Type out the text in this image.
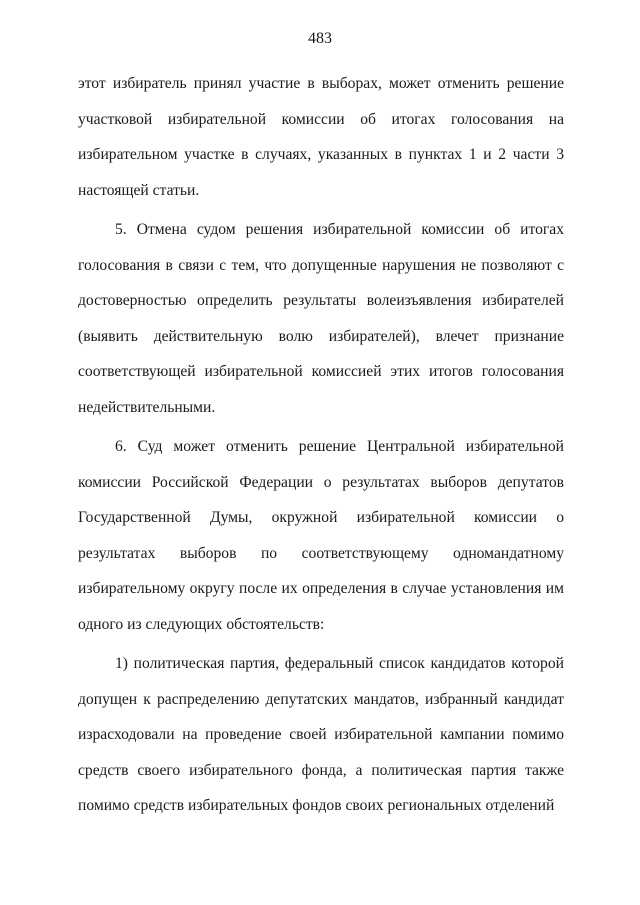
483

этот избиратель принял участие в выборах, может отменить решение участковой избирательной комиссии об итогах голосования на избирательном участке в случаях, указанных в пунктах 1 и 2 части 3 настоящей статьи.

5. Отмена судом решения избирательной комиссии об итогах голосования в связи с тем, что допущенные нарушения не позволяют с достоверностью определить результаты волеизъявления избирателей (выявить действительную волю избирателей), влечет признание соответствующей избирательной комиссией этих итогов голосования недействительными.

6. Суд может отменить решение Центральной избирательной комиссии Российской Федерации о результатах выборов депутатов Государственной Думы, окружной избирательной комиссии о результатах выборов по соответствующему одномандатному избирательному округу после их определения в случае установления им одного из следующих обстоятельств:

1) политическая партия, федеральный список кандидатов которой допущен к распределению депутатских мандатов, избранный кандидат израсходовали на проведение своей избирательной кампании помимо средств своего избирательного фонда, а политическая партия также помимо средств избирательных фондов своих региональных отделений
